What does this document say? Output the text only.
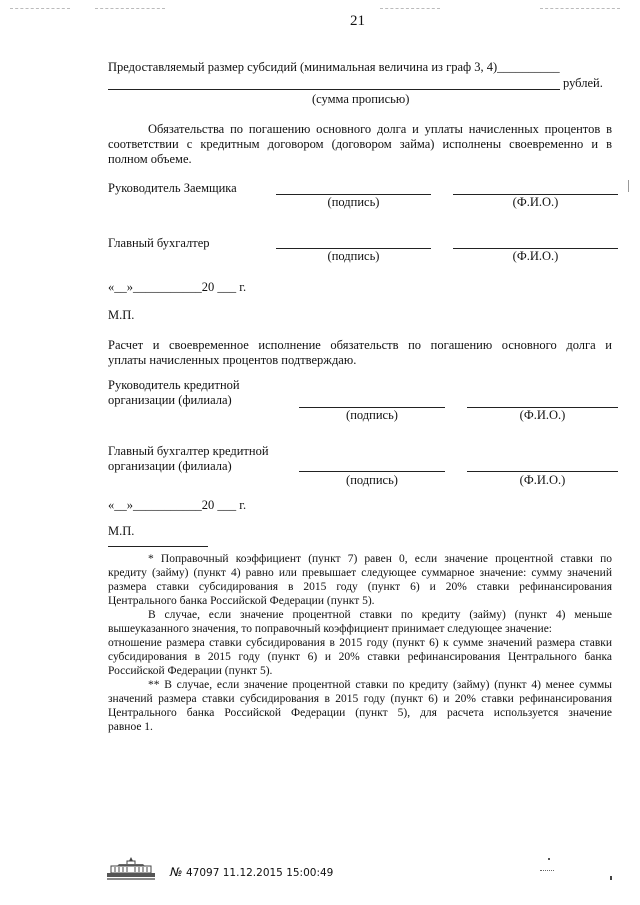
21
Предоставляемый размер субсидий (минимальная величина из граф 3, 4)__________
рублей.
(сумма прописью)
Обязательства по погашению основного долга и уплаты начисленных процентов в
соответствии с кредитным договором (договором займа) исполнены своевременно и в
полном объеме.
Руководитель Заемщика
(подпись)	(Ф.И.О.)
Главный бухгалтер
(подпись)	(Ф.И.О.)
«__»___________20 ___ г.
М.П.
Расчет и своевременное исполнение обязательств по погашению основного долга и
уплаты начисленных процентов подтверждаю.
Руководитель кредитной
организации (филиала)
(подпись)	(Ф.И.О.)
Главный бухгалтер кредитной
организации (филиала)
(подпись)	(Ф.И.О.)
«__»___________20 ___ г.
М.П.
* Поправочный коэффициент (пункт 7) равен 0, если значение процентной ставки по
кредиту (займу) (пункт 4) равно или превышает следующее суммарное значение: сумму значений
размера ставки субсидирования в 2015 году (пункт 6) и 20% ставки рефинансирования
Центрального банка Российской Федерации (пункт 5).
В случае, если значение процентной ставки по кредиту (займу) (пункт 4) меньше
вышеуказанного значения, то поправочный коэффициент принимает следующее значение:
отношение размера ставки субсидирования в 2015 году (пункт 6) к сумме значений размера ставки
субсидирования в 2015 году (пункт 6) и 20% ставки рефинансирования Центрального банка
Российской Федерации (пункт 5).
** В случае, если значение процентной ставки по кредиту (займу) (пункт 4) менее суммы
значений размера ставки субсидирования в 2015 году (пункт 6) и 20% ставки рефинансирования
Центрального банка Российской Федерации (пункт 5), для расчета используется значение
равное 1.
№ 47097 11.12.2015 15:00:49
